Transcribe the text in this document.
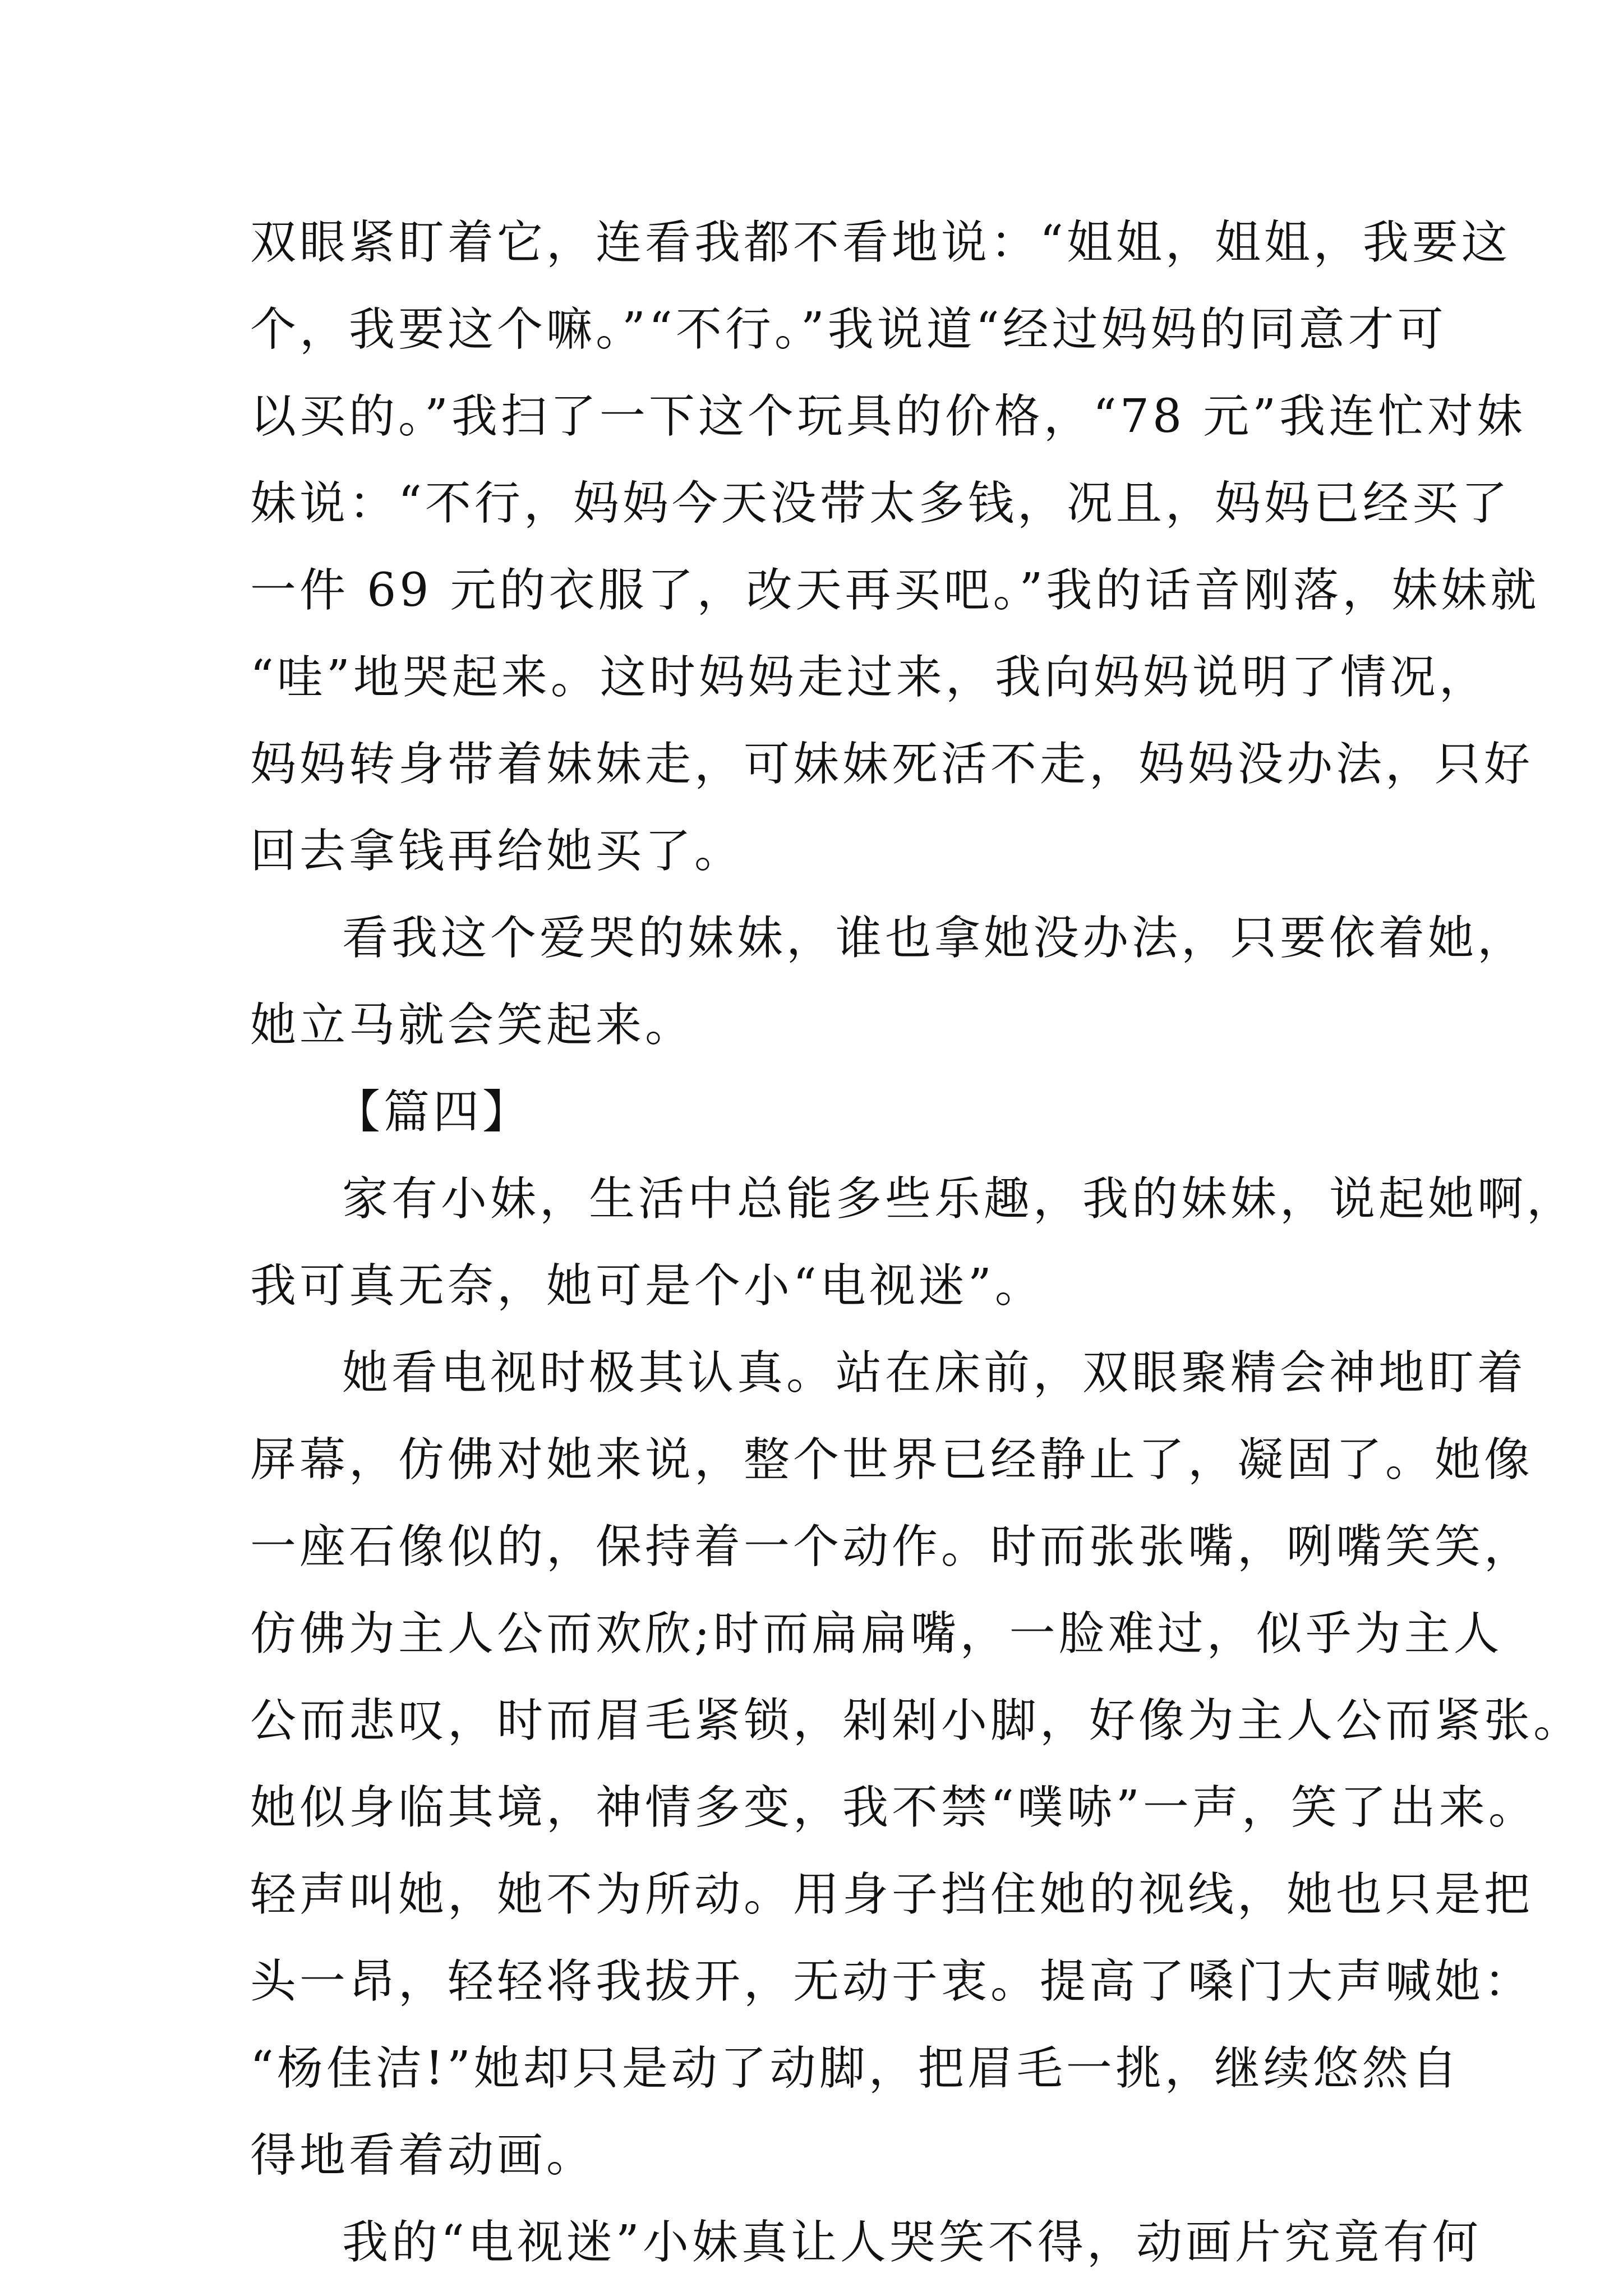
双眼紧盯着它，连看我都不看地说：“姐姐，姐姐，我要这
个，我要这个嘛。”“不行。”我说道“经过妈妈的同意才可
以买的。”我扫了一下这个玩具的价格，“78 元”我连忙对妹
妹说：“不行，妈妈今天没带太多钱，况且，妈妈已经买了
一件 69 元的衣服了，改天再买吧。”我的话音刚落，妹妹就
“哇”地哭起来。这时妈妈走过来，我向妈妈说明了情况，
妈妈转身带着妹妹走，可妹妹死活不走，妈妈没办法，只好
回去拿钱再给她买了。
看我这个爱哭的妹妹，谁也拿她没办法，只要依着她，
她立马就会笑起来。
【篇四】
家有小妹，生活中总能多些乐趣，我的妹妹，说起她啊，
我可真无奈，她可是个小“电视迷”。
她看电视时极其认真。站在床前，双眼聚精会神地盯着
屏幕，仿佛对她来说，整个世界已经静止了，凝固了。她像
一座石像似的，保持着一个动作。时而张张嘴，咧嘴笑笑，
仿佛为主人公而欢欣;时而扁扁嘴，一脸难过，似乎为主人
公而悲叹，时而眉毛紧锁，剁剁小脚，好像为主人公而紧张。
她似身临其境，神情多变，我不禁“噗哧”一声，笑了出来。
轻声叫她，她不为所动。用身子挡住她的视线，她也只是把
头一昂，轻轻将我拔开，无动于衷。提高了嗓门大声喊她：
“杨佳洁!”她却只是动了动脚，把眉毛一挑，继续悠然自
得地看着动画。
我的“电视迷”小妹真让人哭笑不得，动画片究竟有何
